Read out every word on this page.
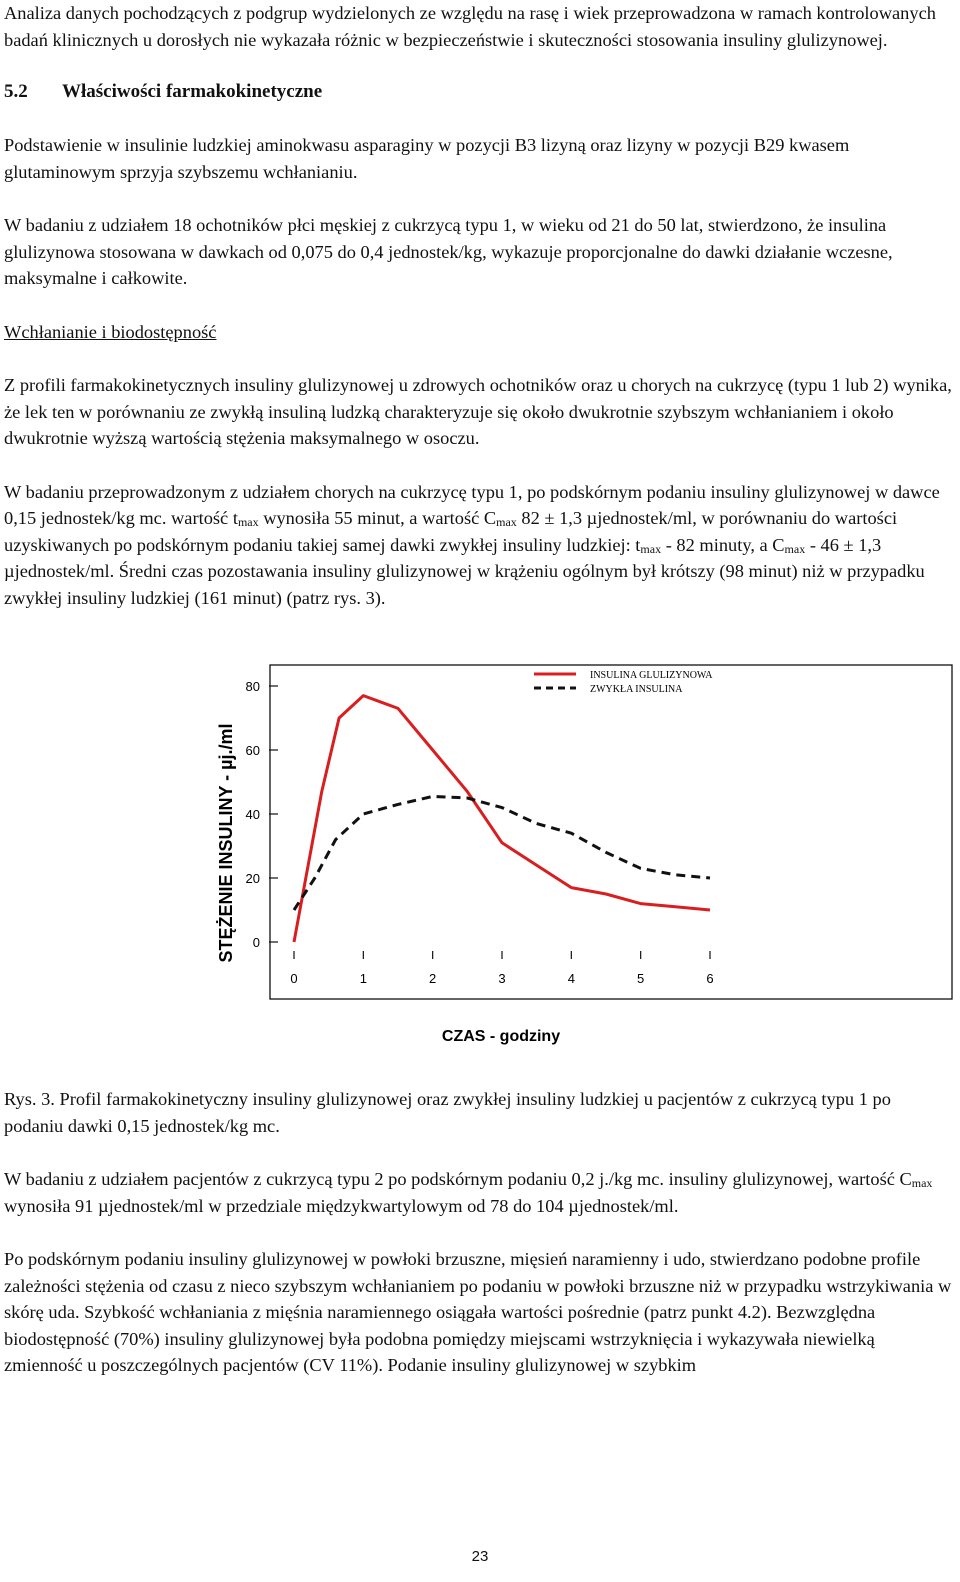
Analiza danych pochodzących z podgrup wydzielonych ze względu na rasę i wiek przeprowadzona w ramach kontrolowanych badań klinicznych u dorosłych nie wykazała różnic w bezpieczeństwie i skuteczności stosowania insuliny glulizynowej.

5.2 Właściwości farmakokinetyczne

Podstawienie w insulinie ludzkiej aminokwasu asparaginy w pozycji B3 lizyną oraz lizyny w pozycji B29 kwasem glutaminowym sprzyja szybszemu wchłanianiu.

W badaniu z udziałem 18 ochotników płci męskiej z cukrzycą typu 1, w wieku od 21 do 50 lat, stwierdzono, że insulina glulizynowa stosowana w dawkach od 0,075 do 0,4 jednostek/kg, wykazuje proporcjonalne do dawki działanie wczesne, maksymalne i całkowite.

Wchłanianie i biodostępność

Z profili farmakokinetycznych insuliny glulizynowej u zdrowych ochotników oraz u chorych na cukrzycę (typu 1 lub 2) wynika, że lek ten w porównaniu ze zwykłą insuliną ludzką charakteryzuje się około dwukrotnie szybszym wchłanianiem i około dwukrotnie wyższą wartością stężenia maksymalnego w osoczu.

W badaniu przeprowadzonym z udziałem chorych na cukrzycę typu 1, po podskórnym podaniu insuliny glulizynowej w dawce 0,15 jednostek/kg mc. wartość $t_{max}$ wynosiła 55 minut, a wartość $C_{max}$ 82 ± 1,3 µjednostek/ml, w porównaniu do wartości uzyskiwanych po podskórnym podaniu takiej samej dawki zwykłej insuliny ludzkiej: $t_{max} - 82$ minuty, a $C_{max} - 46 \pm 1,3$ µjednostek/ml. Średni czas pozostawania insuliny glulizynowej w krążeniu ogólnym był krótszy (98 minut) niż w przypadku zwykłej insuliny ludzkiej (161 minut) (patrz rys. 3).

0
20
40
60
80
0	1	2	3	4	5	6
INSULINA GLULIZYNOWA
ZWYKŁA INSULINA
STĘŻENIE INSULINY - µj./ml
CZAS - godziny

Rys. 3. Profil farmakokinetyczny insuliny glulizynowej oraz zwykłej insuliny ludzkiej u pacjentów z cukrzycą typu 1 po podaniu dawki 0,15 jednostek/kg mc.

W badaniu z udziałem pacjentów z cukrzycą typu 2 po podskórnym podaniu 0,2 j./kg mc. insuliny glulizynowej, wartość $C_{max}$ wynosiła 91 µjednostek/ml w przedziale międzykwartylowym od 78 do 104 µjednostek/ml.

Po podskórnym podaniu insuliny glulizynowej w powłoki brzuszne, mięsień naramienny i udo, stwierdzano podobne profile zależności stężenia od czasu z nieco szybszym wchłanianiem po podaniu w powłoki brzuszne niż w przypadku wstrzykiwania w skórę uda. Szybkość wchłaniania z mięśnia naramiennego osiągała wartości pośrednie (patrz punkt 4.2). Bezwzględna biodostępność (70%) insuliny glulizynowej była podobna pomiędzy miejscami wstrzyknięcia i wykazywała niewielką zmienność u poszczególnych pacjentów (CV 11%). Podanie insuliny glulizynowej w szybkim

23
